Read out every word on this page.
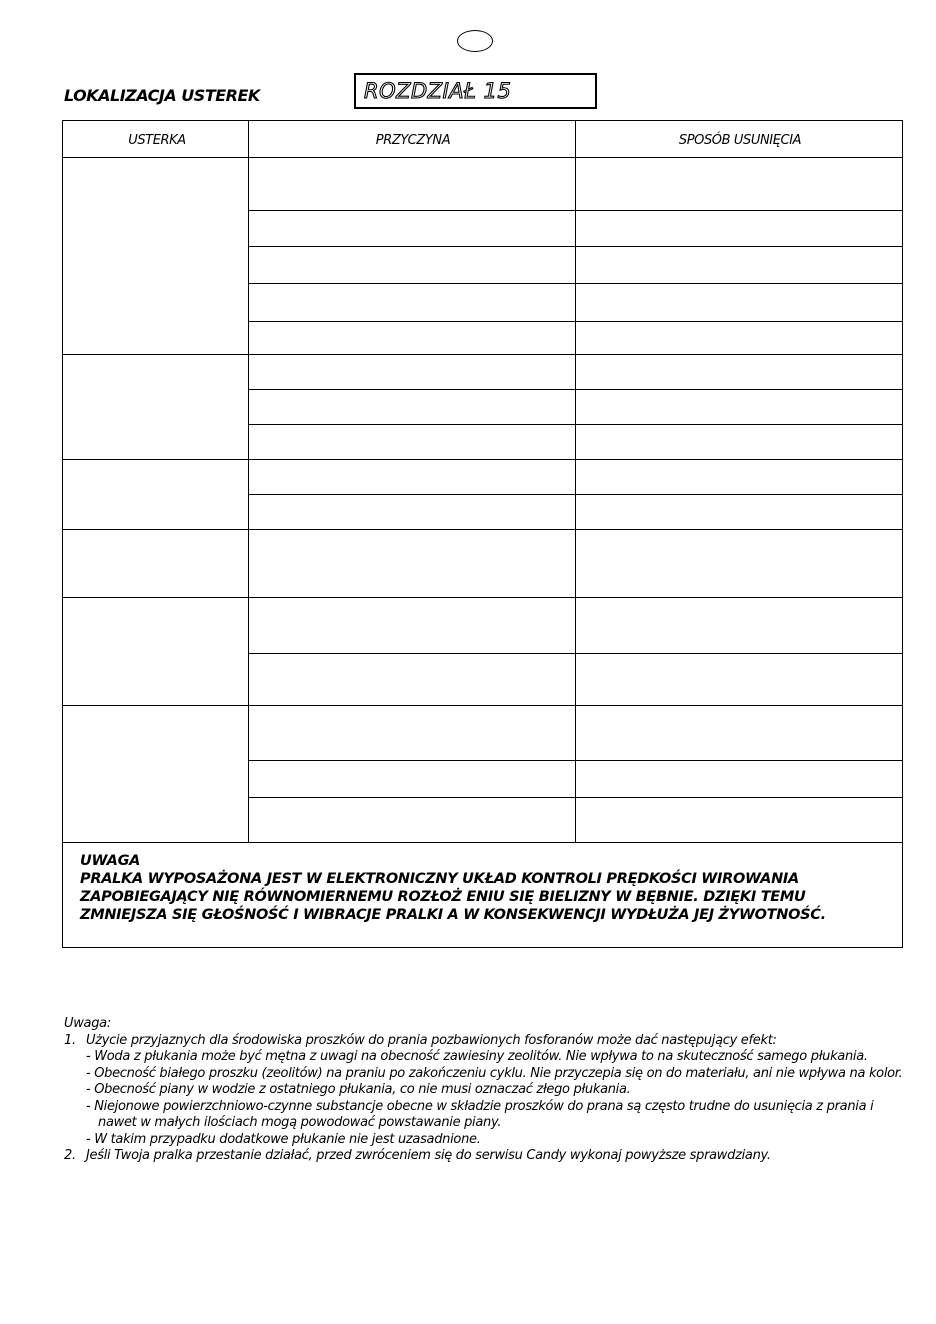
LOKALIZACJA USTEREK	ROZDZIAŁ 15
USTERKA	PRZYCZYNA	SPOSÓB USUNIĘCIA
UWAGA
PRALKA WYPOSAŻONA JEST W ELEKTRONICZNY UKŁAD KONTROLI PRĘDKOŚCI WIROWANIA ZAPOBIEGAJĄCY NIĘ RÓWNOMIERNEMU ROZŁOŻ ENIU SIĘ BIELIZNY W BĘBNIE. DZIĘKI TEMU ZMNIEJSZA SIĘ GŁOŚNOŚĆ I WIBRACJE PRALKI A W KONSEKWENCJI WYDŁUŻA JEJ ŻYWOTNOŚĆ.
Uwaga:
1. Użycie przyjaznych dla środowiska proszków do prania pozbawionych fosforanów może dać następujący efekt:
- Woda z płukania może być mętna z uwagi na obecność zawiesiny zeolitów. Nie wpływa to na skuteczność samego płukania.
- Obecność białego proszku (zeolitów) na praniu po zakończeniu cyklu. Nie przyczepia się on do materiału, ani nie wpływa na kolor.
- Obecność piany w wodzie z ostatniego płukania, co nie musi oznaczać złego płukania.
- Niejonowe powierzchniowo-czynne substancje obecne w składzie proszków do prana są często trudne do usunięcia z prania i nawet w małych ilościach mogą powodować powstawanie piany.
- W takim przypadku dodatkowe płukanie nie jest uzasadnione.
2. Jeśli Twoja pralka przestanie działać, przed zwróceniem się do serwisu Candy wykonaj powyższe sprawdziany.
